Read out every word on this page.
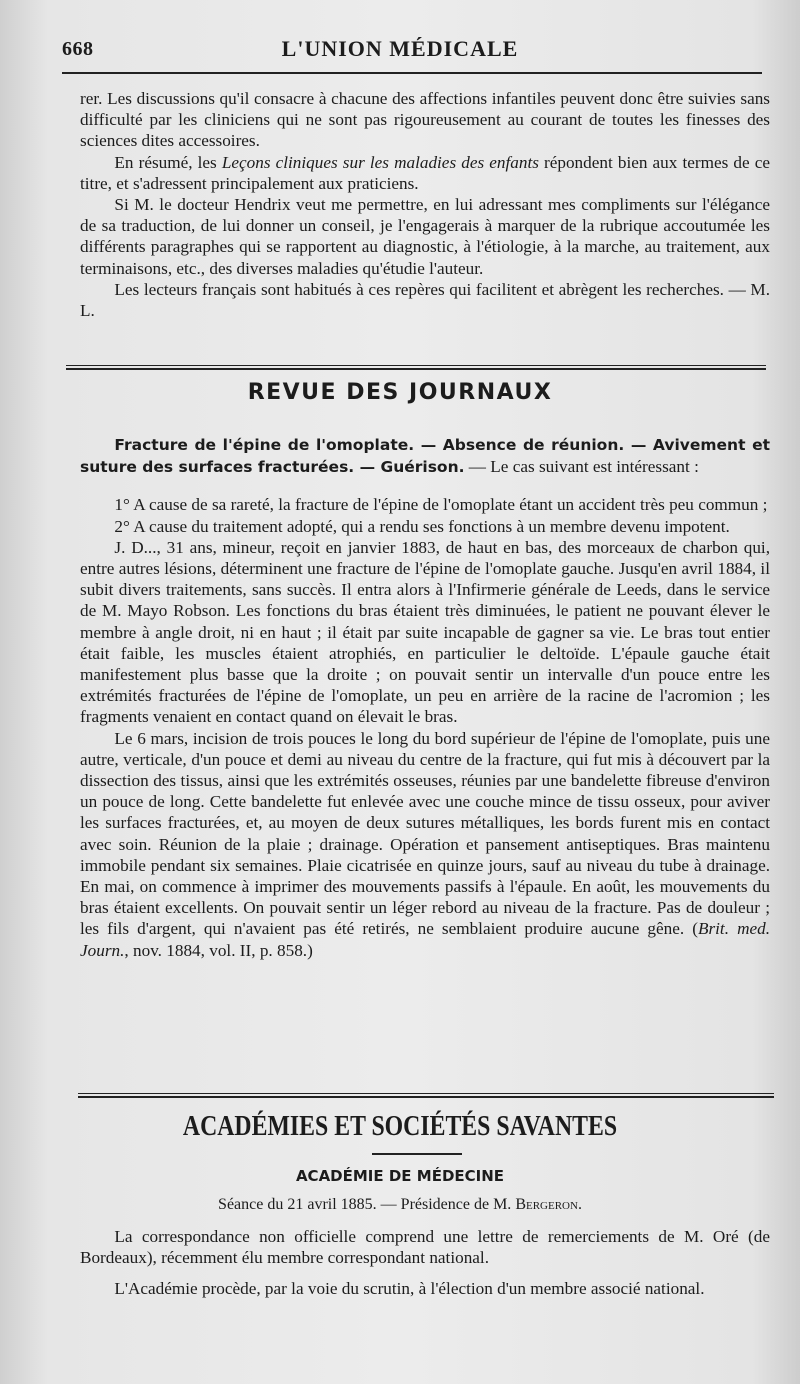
668	L'UNION MÉDICALE

rer. Les discussions qu'il consacre à chacune des affections infantiles peuvent donc être suivies sans difficulté par les cliniciens qui ne sont pas rigoureusement au courant de toutes les finesses des sciences dites accessoires.

En résumé, les Leçons cliniques sur les maladies des enfants répondent bien aux termes de ce titre, et s'adressent principalement aux praticiens.

Si M. le docteur Hendrix veut me permettre, en lui adressant mes compliments sur l'élégance de sa traduction, de lui donner un conseil, je l'engagerais à marquer de la rubrique accoutumée les différents paragraphes qui se rapportent au diagnostic, à l'étiologie, à la marche, au traitement, aux terminaisons, etc., des diverses maladies qu'étudie l'auteur.

Les lecteurs français sont habitués à ces repères qui facilitent et abrègent les recherches. — M. L.

REVUE DES JOURNAUX

Fracture de l'épine de l'omoplate. — Absence de réunion. — Avivement et suture des surfaces fracturées. — Guérison. — Le cas suivant est intéressant :

1° A cause de sa rareté, la fracture de l'épine de l'omoplate étant un accident très peu commun ;

2° A cause du traitement adopté, qui a rendu ses fonctions à un membre devenu impotent.

J. D..., 31 ans, mineur, reçoit en janvier 1883, de haut en bas, des morceaux de charbon qui, entre autres lésions, déterminent une fracture de l'épine de l'omoplate gauche. Jusqu'en avril 1884, il subit divers traitements, sans succès. Il entra alors à l'Infirmerie générale de Leeds, dans le service de M. Mayo Robson. Les fonctions du bras étaient très diminuées, le patient ne pouvant élever le membre à angle droit, ni en haut ; il était par suite incapable de gagner sa vie. Le bras tout entier était faible, les muscles étaient atrophiés, en particulier le deltoïde. L'épaule gauche était manifestement plus basse que la droite ; on pouvait sentir un intervalle d'un pouce entre les extrémités fracturées de l'épine de l'omoplate, un peu en arrière de la racine de l'acromion ; les fragments venaient en contact quand on élevait le bras.

Le 6 mars, incision de trois pouces le long du bord supérieur de l'épine de l'omoplate, puis une autre, verticale, d'un pouce et demi au niveau du centre de la fracture, qui fut mis à découvert par la dissection des tissus, ainsi que les extrémités osseuses, réunies par une bandelette fibreuse d'environ un pouce de long. Cette bandelette fut enlevée avec une couche mince de tissu osseux, pour aviver les surfaces fracturées, et, au moyen de deux sutures métalliques, les bords furent mis en contact avec soin. Réunion de la plaie ; drainage. Opération et pansement antiseptiques. Bras maintenu immobile pendant six semaines. Plaie cicatrisée en quinze jours, sauf au niveau du tube à drainage. En mai, on commence à imprimer des mouvements passifs à l'épaule. En août, les mouvements du bras étaient excellents. On pouvait sentir un léger rebord au niveau de la fracture. Pas de douleur ; les fils d'argent, qui n'avaient pas été retirés, ne semblaient produire aucune gêne. (Brit. med. Journ., nov. 1884, vol. II, p. 858.)

ACADÉMIES ET SOCIÉTÉS SAVANTES
ACADÉMIE DE MÉDECINE
Séance du 21 avril 1885. — Présidence de M. Bergeron.

La correspondance non officielle comprend une lettre de remerciements de M. Oré (de Bordeaux), récemment élu membre correspondant national.

L'Académie procède, par la voie du scrutin, à l'élection d'un membre associé national.
